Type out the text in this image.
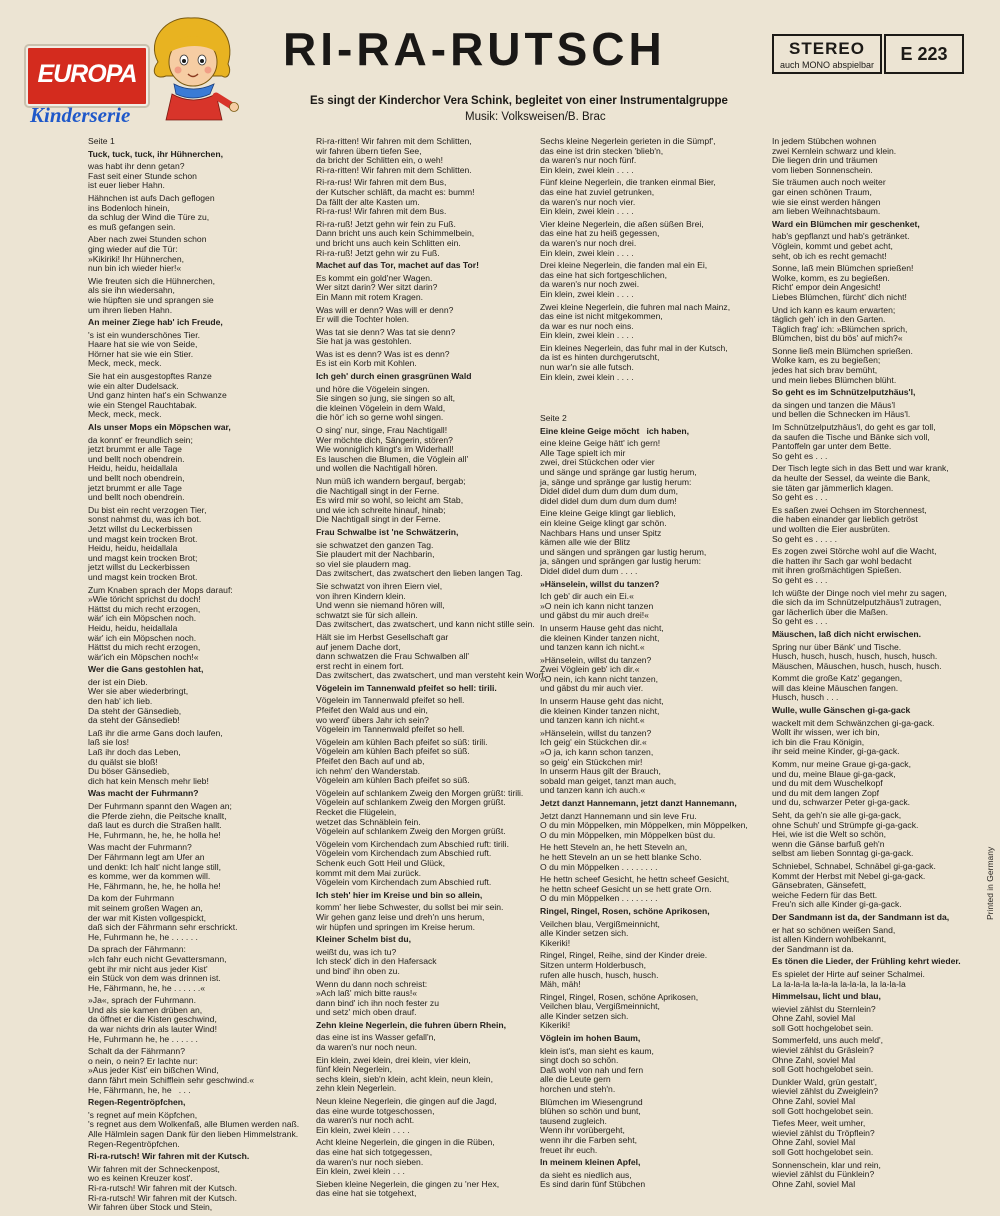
EUROPA
Kinderserie
RI-RA-RUTSCH	STEREO
auch MONO abspielbar
E 223
Es singt der Kinderchor Vera Schink, begleitet von einer Instrumentalgruppe
Musik: Volksweisen/B. Brac

Seite 1

Tuck, tuck, tuck, ihr Hühnerchen,

was habt ihr denn getan?
Fast seit einer Stunde schon
ist euer lieber Hahn.

Hähnchen ist aufs Dach geflogen
ins Bodenloch hinein,
da schlug der Wind die Türe zu,
es muß gefangen sein.

Aber nach zwei Stunden schon
ging wieder auf die Tür:
»Kikiriki! Ihr Hühnerchen,
nun bin ich wieder hier!«

Wie freuten sich die Hühnerchen,
als sie ihn wiedersahn,
wie hüpften sie und sprangen sie
um ihren lieben Hahn.

An meiner Ziege hab' ich Freude,

's ist ein wunderschönes Tier.
Haare hat sie wie von Seide,
Hörner hat sie wie ein Stier.
Meck, meck, meck.

Sie hat ein ausgestopftes Ranze
wie ein alter Dudelsack.
Und ganz hinten hat's ein Schwanze
wie ein Stengel Rauchtabak.
Meck, meck, meck.

Als unser Mops ein Möpschen war,

da konnt' er freundlich sein;
jetzt brummt er alle Tage
und bellt noch obendrein.
Heidu, heidu, heidallala
und bellt noch obendrein,
jetzt brummt er alle Tage
und bellt noch obendrein.

Du bist ein recht verzogen Tier,
sonst nahmst du, was ich bot.
Jetzt willst du Leckerbissen
und magst kein trocken Brot.
Heidu, heidu, heidallala
und magst kein trocken Brot;
jetzt willst du Leckerbissen
und magst kein trocken Brot.

Zum Knaben sprach der Mops darauf:
»Wie töricht sprichst du doch!
Hättst du mich recht erzogen,
wär' ich ein Möpschen noch.
Heidu, heidu, heidallala
wär' ich ein Möpschen noch.
Hättst du mich recht erzogen,
wär'ich ein Möpschen noch!«

Wer die Gans gestohlen hat,

der ist ein Dieb.
Wer sie aber wiederbringt,
den hab' ich lieb.
Da steht der Gänsedieb,
da steht der Gänsedieb!

Laß ihr die arme Gans doch laufen,
laß sie los!
Laß ihr doch das Leben,
du quälst sie bloß!
Du böser Gänsedieb,
dich hat kein Mensch mehr lieb!

Was macht der Fuhrmann?

Der Fuhrmann spannt den Wagen an;
die Pferde ziehn, die Peitsche knallt,
daß laut es durch die Straßen hallt.
He, Fuhrmann, he, he, he holla he!

Was macht der Fuhrmann?
Der Fährmann legt am Ufer an
und denkt: Ich halt' nicht lange still,
es komme, wer da kommen will.
He, Fährmann, he, he, he holla he!

Da kom der Fuhrmann
mit seinem großen Wagen an,
der war mit Kisten vollgespickt,
daß sich der Fährmann sehr erschrickt.
He, Fuhrmann he, he . . . . . .

Da sprach der Fährmann:
»Ich fahr euch nicht Gevattersmann,
gebt ihr mir nicht aus jeder Kist'
ein Stück von dem was drinnen ist.
He, Fährmann, he, he . . . . . .«

»Ja«, sprach der Fuhrmann.
Und als sie kamen drüben an,
da öffnet er die Kisten geschwind,
da war nichts drin als lauter Wind!
He, Fuhrmann he, he . . . . . .

Schalt da der Fährmann?
o nein, o nein? Er lachte nur:
»Aus jeder Kist' ein bißchen Wind,
dann fährt mein Schifflein sehr geschwind.«
He, Fährmann, he, he   . . .

Regen-Regentröpfchen,

's regnet auf mein Köpfchen,
's regnet aus dem Wolkenfaß, alle Blumen werden naß.
Alle Hälmlein sagen Dank für den lieben Himmelstrank.
Regen-Regentröpfchen.

Ri-ra-rutsch! Wir fahren mit der Kutsch.

Wir fahren mit der Schneckenpost,
wo es keinen Kreuzer kost'.
Ri-ra-rutsch! Wir fahren mit der Kutsch.
Ri-ra-rutsch! Wir fahren mit der Kutsch.
Wir fahren über Stock und Stein,

Ri-ra-ritten! Wir fahren mit dem Schlitten,
wir fahren übern tiefen See,
da bricht der Schlitten ein, o weh!
Ri-ra-ritten! Wir fahren mit dem Schlitten.

Ri-ra-rus! Wir fahren mit dem Bus,
der Kutscher schläft, da macht es: bumm!
Da fällt der alte Kasten um.
Ri-ra-rus! Wir fahren mit dem Bus.

Ri-ra-ruß! Jetzt gehn wir fein zu Fuß.
Dann bricht uns auch kein Schimmelbein,
und bricht uns auch kein Schlitten ein.
Ri-ra-ruß! Jetzt gehn wir zu Fuß.

Machet auf das Tor, machet auf das Tor!

Es kommt ein gold'ner Wagen.
Wer sitzt darin? Wer sitzt darin?
Ein Mann mit rotem Kragen.

Was will er denn? Was will er denn?
Er will die Tochter holen.

Was tat sie denn? Was tat sie denn?
Sie hat ja was gestohlen.

Was ist es denn? Was ist es denn?
Es ist ein Korb mit Kohlen.

Ich geh' durch einen grasgrünen Wald

und höre die Vögelein singen.
Sie singen so jung, sie singen so alt,
die kleinen Vögelein in dem Wald,
die hör' ich so gerne wohl singen.

O sing' nur, singe, Frau Nachtigall!
Wer möchte dich, Sängerin, stören?
Wie wonniglich klingt's im Widerhall!
Es lauschen die Blumen, die Vöglein all'
und wollen die Nachtigall hören.

Nun müß ich wandern bergauf, bergab;
die Nachtigall singt in der Ferne.
Es wird mir so wohl, so leicht am Stab,
und wie ich schreite hinauf, hinab;
Die Nachtigall singt in der Ferne.

Frau Schwalbe ist 'ne Schwätzerin,

sie schwatzet den ganzen Tag.
Sie plaudert mit der Nachbarin,
so viel sie plaudern mag.
Das zwitschert, das zwatschert den lieben langen Tag.

Sie schwatzt von ihren Eiern viel,
von ihren Kindern klein.
Und wenn sie niemand hören will,
schwatzt sie für sich allein.
Das zwitschert, das zwatschert, und kann nicht stille sein.

Hält sie im Herbst Gesellschaft gar
auf jenem Dache dort,
dann schwatzen die Frau Schwalben all'
erst recht in einem fort.
Das zwitschert, das zwatschert, und man versteht kein Wort.

Vögelein im Tannenwald pfeifet so hell: tirili.

Vögelein im Tannenwald pfeifet so hell.
Pfeifet den Wald aus und ein,
wo werd' übers Jahr ich sein?
Vögelein im Tannenwald pfeifet so hell.

Vögelein am kühlen Bach pfeifet so süß: tirili.
Vögelein am kühlen Bach pfeifet so süß.
Pfeifet den Bach auf und ab,
ich nehm' den Wanderstab.
Vögelein am kühlen Bach pfeifet so süß.

Vögelein auf schlankem Zweig den Morgen grüßt: tirili.
Vögelein auf schlankem Zweig den Morgen grüßt.
Recket die Flügelein,
wetzet das Schnäblein fein.
Vögelein auf schlankem Zweig den Morgen grüßt.

Vögelein vom Kirchendach zum Abschied ruft: tirili.
Vögelein vom Kirchendach zum Abschied ruft.
Schenk euch Gott Heil und Glück,
kommt mit dem Mai zurück.
Vögelein vom Kirchendach zum Abschied ruft.

Ich steh' hier im Kreise und bin so allein,

komm' her liebe Schwester, du sollst bei mir sein.
Wir gehen ganz leise und dreh'n uns herum,
wir hüpfen und springen im Kreise herum.

Kleiner Schelm bist du,

weißt du, was ich tu?
Ich steck' dich in den Hafersack
und bind' ihn oben zu.

Wenn du dann noch schreist:
»Ach laß' mich bitte raus!«
dann bind' ich ihn noch fester zu
und setz' mich oben drauf.

Zehn kleine Negerlein, die fuhren übern Rhein,

das eine ist ins Wasser gefall'n,
da waren's nur noch neun.

Ein klein, zwei klein, drei klein, vier klein,
fünf klein Negerlein,
sechs klein, sieb'n klein, acht klein, neun klein,
zehn klein Negerlein.

Neun kleine Negerlein, die gingen auf die Jagd,
das eine wurde totgeschossen,
da waren's nur noch acht.
Ein klein, zwei klein . . . .

Acht kleine Negerlein, die gingen in die Rüben,
das eine hat sich totgegessen,
da waren's nur noch sieben.
Ein klein, zwei klein . . .

Sieben kleine Negerlein, die gingen zu 'ner Hex,
das eine hat sie totgehext,

Sechs kleine Negerlein gerieten in die Sümpf',
das eine ist drin stecken 'blieb'n,
da waren's nur noch fünf.
Ein klein, zwei klein . . . .

Fünf kleine Negerlein, die tranken einmal Bier,
das eine hat zuviel getrunken,
da waren's nur noch vier.
Ein klein, zwei klein . . . .

Vier kleine Negerlein, die aßen süßen Brei,
das eine hat zu heiß gegessen,
da waren's nur noch drei.
Ein klein, zwei klein . . . .

Drei kleine Negerlein, die fanden mal ein Ei,
das eine hat sich fortgeschlichen,
da waren's nur noch zwei.
Ein klein, zwei klein . . . .

Zwei kleine Negerlein, die fuhren mal nach Mainz,
das eine ist nicht mitgekommen,
da war es nur noch eins.
Ein klein, zwei klein . . . .

Ein kleines Negerlein, das fuhr mal in der Kutsch,
da ist es hinten durchgerutscht,
nun war'n sie alle futsch.
Ein klein, zwei klein . . . .

Seite 2

Eine kleine Geige möcht   ich haben,

eine kleine Geige hätt' ich gern!
Alle Tage spielt ich mir
zwei, drei Stückchen oder vier
und sänge und spränge gar lustig herum,
ja, sänge und spränge gar lustig herum:
Didel didel dum dum dum dum dum,
didel didel dum dum dum dum dum!

Eine kleine Geige klingt gar lieblich,
ein kleine Geige klingt gar schön.
Nachbars Hans und unser Spitz
kämen alle wie der Blitz
und sängen und sprängen gar lustig herum,
ja, sängen und sprängen gar lustig herum:
Didel didel dum dum . . . .

»Hänselein, willst du tanzen?

Ich geb' dir auch ein Ei.«
»O nein ich kann nicht tanzen
und gäbst du mir auch drei!«

In unserm Hause geht das nicht,
die kleinen Kinder tanzen nicht,
und tanzen kann ich nicht.«

»Hänselein, willst du tanzen?
Zwei Vöglein geb' ich dir.«
»O nein, ich kann nicht tanzen,
und gäbst du mir auch vier.

In unserm Hause geht das nicht,
die kleinen Kinder tanzen nicht,
und tanzen kann ich nicht.«

»Hänselein, willst du tanzen?
Ich geig' ein Stückchen dir.«
»O ja, ich kann schon tanzen,
so geig' ein Stückchen mir!
In unserm Haus gilt der Brauch,
sobald man geiget, tanzt man auch,
und tanzen kann ich auch.«

Jetzt danzt Hannemann, jetzt danzt Hannemann,

Jetzt danzt Hannemann und sin leve Fru.
O du min Möppelken, min Möppelken, min Möppelken,
O du min Möppelken, min Möppelken büst du.

He hett Steveln an, he hett Steveln an,
he hett Steveln an un se hett blanke Scho.
O du min Möppelken . . . . . . . .

He hettn scheef Gesicht, he hettn scheef Gesicht,
he hettn scheef Gesicht un se hett grate Orn.
O du min Möppelken . . . . . . . .

Ringel, Ringel, Rosen, schöne Aprikosen,

Veilchen blau, Vergißmeinnicht,
alle Kinder setzen sich.
Kikeriki!

Ringel, Ringel, Reihe, sind der Kinder dreie.
Sitzen unterm Holderbusch,
rufen alle husch, husch, husch.
Mäh, mäh!

Ringel, Ringel, Rosen, schöne Aprikosen,
Veilchen blau, Vergißmeinnicht,
alle Kinder setzen sich.
Kikeriki!

Vöglein im hohen Baum,

klein ist's, man sieht es kaum,
singt doch so schön.
Daß wohl von nah und fern
alle die Leute gern
horchen und steh'n.

Blümchen im Wiesengrund
blühen so schön und bunt,
tausend zugleich.
Wenn ihr vorübergeht,
wenn ihr die Farben seht,
freuet ihr euch.

In meinem kleinen Apfel,

da sieht es niedlich aus,
Es sind darin fünf Stübchen

In jedem Stübchen wohnen
zwei Kernlein schwarz und klein.
Die liegen drin und träumen
vom lieben Sonnenschein.

Sie träumen auch noch weiter
gar einen schönen Traum,
wie sie einst werden hängen
am lieben Weihnachtsbaum.

Ward ein Blümchen mir geschenket,

hab's gepflanzt und hab's getränket.
Vöglein, kommt und gebet acht,
seht, ob ich es recht gemacht!

Sonne, laß mein Blümchen sprießen!
Wolke, komm, es zu begießen.
Richt' empor dein Angesicht!
Liebes Blümchen, fürcht' dich nicht!

Und ich kann es kaum erwarten;
täglich geh' ich in den Garten.
Täglich frag' ich: »Blümchen sprich,
Blümchen, bist du bös' auf mich?«

Sonne ließ mein Blümchen sprießen.
Wolke kam, es zu begießen;
jedes hat sich brav bemüht,
und mein liebes Blümchen blüht.

So geht es im Schnützelputzhäus'l,

da singen und tanzen die Mäus'l
und bellen die Schnecken im Häus'l.

Im Schnützelputzhäus'l, do geht es gar toll,
da saufen die Tische und Bänke sich voll,
Pantoffeln gar unter dem Bette.
So geht es . . .

Der Tisch legte sich in das Bett und war krank,
da heulte der Sessel, da weinte die Bank,
sie täten gar jämmerlich klagen.
So geht es . . .

Es saßen zwei Ochsen im Storchennest,
die haben einander gar lieblich getröst
und wollten die Eier ausbrüten.
So geht es . . . . .

Es zogen zwei Störche wohl auf die Wacht,
die hatten ihr Sach gar wohl bedacht
mit ihren großmächtigen Spießen.
So geht es . . .

Ich wüßte der Dinge noch viel mehr zu sagen,
die sich da im Schnützelputzhäus'l zutragen,
gar lächerlich über die Maßen.
So geht es . . .

Mäuschen, laß dich nicht erwischen.

Spring nur über Bänk' und Tische.
Husch, husch, husch, husch, husch, husch.
Mäuschen, Mäuschen, husch, husch, husch.

Kommt die große Katz' gegangen,
will das kleine Mäuschen fangen.
Husch, husch . . .

Wulle, wulle Gänschen gi-ga-gack

wackelt mit dem Schwänzchen gi-ga-gack.
Wollt ihr wissen, wer ich bin,
ich bin die Frau Königin,
ihr seid meine Kinder, gi-ga-gack.

Komm, nur meine Graue gi-ga-gack,
und du, meine Blaue gi-ga-gack,
und du mit dem Wuschelkopf
und du mit dem langen Zopf
und du, schwarzer Peter gi-ga-gack.

Seht, da geh'n sie alle gi-ga-gack,
ohne Schuh' und Strümpfe gi-ga-gack.
Hei, wie ist die Welt so schön,
wenn die Gänse barfuß geh'n
selbst am lieben Sonntag gi-ga-gack.

Schniebel, Schnabel, Schnäbel gi-ga-gack.
Kommt der Herbst mit Nebel gi-ga-gack.
Gänsebraten, Gänsefett,
weiche Federn für das Bett.
Freu'n sich alle Kinder gi-ga-gack.

Der Sandmann ist da, der Sandmann ist da,

er hat so schönen weißen Sand,
ist allen Kindern wohlbekannt,
der Sandmann ist da.

Es tönen die Lieder, der Frühling kehrt wieder.

Es spielet der Hirte auf seiner Schalmei.
La la-la-la la-la-la la-la-la, la la-la-la

Himmelsau, licht und blau,

wieviel zählst du Sternlein?
Ohne Zahl, soviel Mal
soll Gott hochgelobet sein.

Sommerfeld, uns auch meld',
wieviel zählst du Gräslein?
Ohne Zahl, soviel Mal
soll Gott hochgelobet sein.

Dunkler Wald, grün gestalt',
wieviel zählst du Zweiglein?
Ohne Zahl, soviel Mal
soll Gott hochgelobet sein.

Tiefes Meer, weit umher,
wieviel zählst du Tröpflein?
Ohne Zahl, soviel Mal
soll Gott hochgelobet sein.

Sonnenschein, klar und rein,
wieviel zählst du Fünklein?
Ohne Zahl, soviel Mal

Printed in Germany
